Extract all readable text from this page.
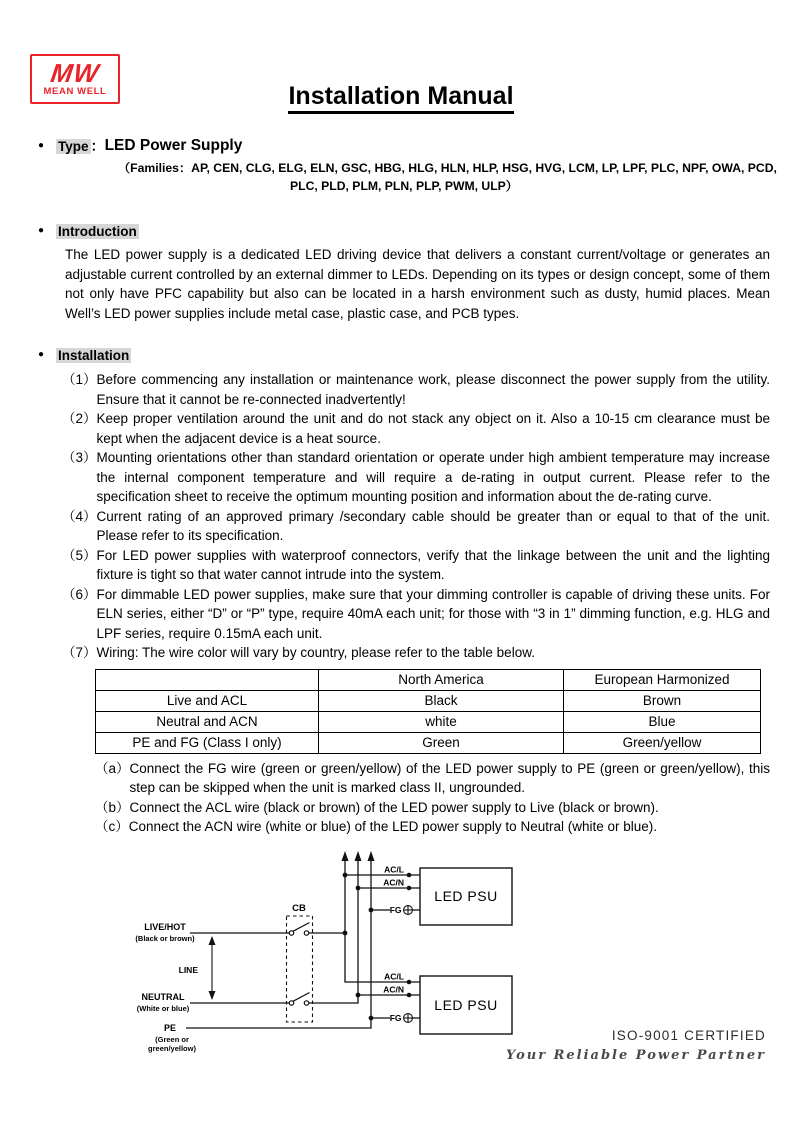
MW
MEAN WELL	Installation Manual
● Type ： LED Power Supply
（Families：AP, CEN, CLG, ELG, ELN, GSC, HBG, HLG, HLN, HLP, HSG, HVG, LCM, LP, LPF, PLC, NPF, OWA, PCD,
PLC, PLD, PLM, PLN, PLP, PWM, ULP）
● Introduction

The LED power supply is a dedicated LED driving device that delivers a constant current/voltage or generates an adjustable current controlled by an external dimmer to LEDs. Depending on its types or design concept, some of them not only have PFC capability but also can be located in a harsh environment such as dusty, humid places. Mean Well’s LED power supplies include metal case, plastic case, and PCB types.

● Installation
（1） Before commencing any installation or maintenance work, please disconnect the power supply from the utility. Ensure that it cannot be re-connected inadvertently!
（2） Keep proper ventilation around the unit and do not stack any object on it. Also a 10-15 cm clearance must be kept when the adjacent device is a heat source.
（3） Mounting orientations other than standard orientation or operate under high ambient temperature may increase the internal component temperature and will require a de-rating in output current. Please refer to the specification sheet to receive the optimum mounting position and information about the de-rating curve.
（4） Current rating of an approved primary /secondary cable should be greater than or equal to that of the unit. Please refer to its specification.
（5） For LED power supplies with waterproof connectors, verify that the linkage between the unit and the lighting fixture is tight so that water cannot intrude into the system.
（6） For dimmable LED power supplies, make sure that your dimming controller is capable of driving these units. For ELN series, either “D” or “P” type, require 40mA each unit; for those with “3 in 1” dimming function, e.g. HLG and LPF series, require 0.15mA each unit.
（7） Wiring: The wire color will vary by country, please refer to the table below.
	North America	European Harmonized
Live and ACL	Black	Brown
Neutral and ACN	white	Blue
PE and FG (Class I only)	Green	Green/yellow
（a） Connect the FG wire (green or green/yellow) of the LED power supply to PE (green or green/yellow), this step can be skipped when the unit is marked class II, ungrounded.
（b） Connect the ACL wire (black or brown) of the LED power supply to Live (black or brown).
（c） Connect the ACN wire (white or blue) of the LED power supply to Neutral (white or blue).
CB
LINE
LIVE/HOT
(Black or brown)
NEUTRAL
(White or blue)
PE
(Green or
green/yellow)
LED PSU
AC/L
AC/N
FG
LED PSU
AC/L
AC/N
FG
ISO-9001 CERTIFIED
Your Reliable Power Partner
